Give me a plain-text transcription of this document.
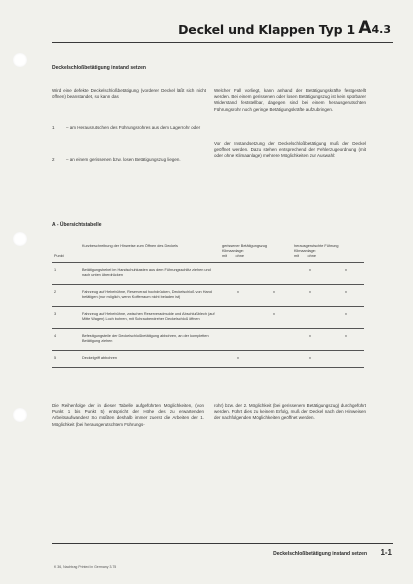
Deckel und Klappen Typ 1 A4.3
Deckelschloßbetätigung instand setzen
Wird eine defekte Deckelschloßbetätigung (vorderer Deckel läßt sich nicht öffnen) beanstandet, so kann das
1	– am Herausrutschen des Führungsrohres aus dem Lagerrohr oder
2	– an einem gerissenen bzw. losen Betätigungszug liegen.
Welcher Fall vorliegt, kann anhand der Betätigungskräfte festgestellt werden. Bei einem gerissenen oder losen Betätigungszug ist kein spürbarer Widerstand feststellbar, dagegen sind bei einem herausgerutschten Führungsrohr noch geringe Betätigungskräfte aufzubringen.
Vor der Instandsetzung der Deckelschloßbetätigung muß der Deckel geöffnet werden. Dazu stehen entsprechend der Fehlerzugeordnung (mit oder ohne Klimaanlage) mehrere Möglichkeiten zur Auswahl:
A - Übersichtstabelle

Punkt	Kurzbeschreibung der Hinweise zum Öffnen des Deckels	gerissener Betätigungszug
Klimaanlage:
mit ohne		herausgerutschte Führung
Klimaanlage:
mit ohne	
1	Betätigungshebel im Handschuhkasten aus dem Führungsschlitz ziehen und nach unten überdrücken			x	x
2	Fahrzeug auf Hebebühne, Reserverad hochdrücken, Deckelschloß von Hand betätigen (nur möglich, wenn Kofferraum nicht beladen ist)	x	x	x	x
3	Fahrzeug auf Hebebühne, zwischen Reserveradmulde und Abschlußblech (auf Mitte Wagen) Loch bohren, mit Schraubendreher Deckelschloß öffnen		x		x
4	Befestigungsteile der Deckelschloßbetätigung abbohren, an der kompletten Betätigung ziehen			x	x
5	Deckelgriff abbohren	x		x	
Die Reihenfolge der in dieser Tabelle aufgeführten Möglichkeiten, (von Punkt 1 bis Punkt 5) entspricht der Höhe des zu erwartenden Arbeitsaufwandes! So müßten deshalb immer zuerst die Arbeiten der 1. Möglichkeit (bei herausgerutschtem Führungs-
rohr) bzw. der 2. Möglichkeit (bei gerissenem Betätigungszug) durchgeführt werden. Führt dies zu keinem Erfolg, muß der Deckel nach den Hinweisen der nachfolgenden Möglichkeiten geöffnet werden.
Deckelschloßbetätigung instand setzen 1-1
K 36, Nachtrag Printed in Germany 3.75
